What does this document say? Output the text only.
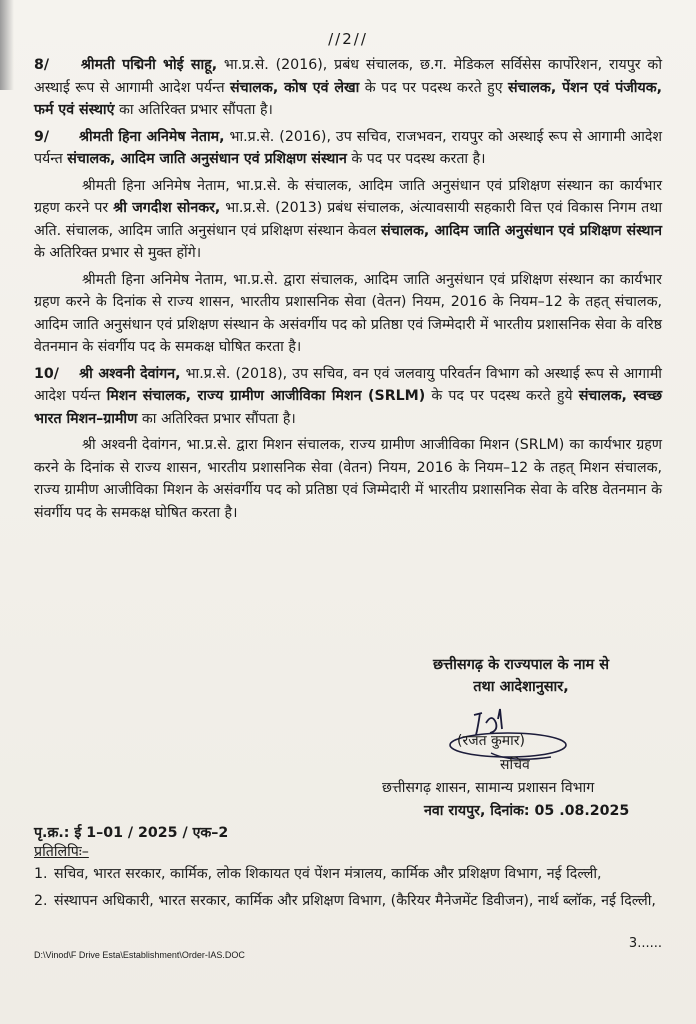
//2//

8/ श्रीमती पद्मिनी भोई साहू, भा.प्र.से. (2016), प्रबंध संचालक, छ.ग. मेडिकल सर्विसेस कार्पोरेशन, रायपुर को अस्थाई रूप से आगामी आदेश पर्यन्त संचालक, कोष एवं लेखा के पद पर पदस्थ करते हुए संचालक, पेंशन एवं पंजीयक, फर्म एवं संस्थाएं का अतिरिक्त प्रभार सौंपता है।

9/ श्रीमती हिना अनिमेष नेताम, भा.प्र.से. (2016), उप सचिव, राजभवन, रायपुर को अस्थाई रूप से आगामी आदेश पर्यन्त संचालक, आदिम जाति अनुसंधान एवं प्रशिक्षण संस्थान के पद पर पदस्थ करता है।

श्रीमती हिना अनिमेष नेताम, भा.प्र.से. के संचालक, आदिम जाति अनुसंधान एवं प्रशिक्षण संस्थान का कार्यभार ग्रहण करने पर श्री जगदीश सोनकर, भा.प्र.से. (2013) प्रबंध संचालक, अंत्यावसायी सहकारी वित्त एवं विकास निगम तथा अति. संचालक, आदिम जाति अनुसंधान एवं प्रशिक्षण संस्थान केवल संचालक, आदिम जाति अनुसंधान एवं प्रशिक्षण संस्थान के अतिरिक्त प्रभार से मुक्त होंगे।

श्रीमती हिना अनिमेष नेताम, भा.प्र.से. द्वारा संचालक, आदिम जाति अनुसंधान एवं प्रशिक्षण संस्थान का कार्यभार ग्रहण करने के दिनांक से राज्य शासन, भारतीय प्रशासनिक सेवा (वेतन) नियम, 2016 के नियम–12 के तहत् संचालक, आदिम जाति अनुसंधान एवं प्रशिक्षण संस्थान के असंवर्गीय पद को प्रतिष्ठा एवं जिम्मेदारी में भारतीय प्रशासनिक सेवा के वरिष्ठ वेतनमान के संवर्गीय पद के समकक्ष घोषित करता है।

10/ श्री अश्वनी देवांगन, भा.प्र.से. (2018), उप सचिव, वन एवं जलवायु परिवर्तन विभाग को अस्थाई रूप से आगामी आदेश पर्यन्त मिशन संचालक, राज्य ग्रामीण आजीविका मिशन (SRLM) के पद पर पदस्थ करते हुये संचालक, स्वच्छ भारत मिशन–ग्रामीण का अतिरिक्त प्रभार सौंपता है।

श्री अश्वनी देवांगन, भा.प्र.से. द्वारा मिशन संचालक, राज्य ग्रामीण आजीविका मिशन (SRLM) का कार्यभार ग्रहण करने के दिनांक से राज्य शासन, भारतीय प्रशासनिक सेवा (वेतन) नियम, 2016 के नियम–12 के तहत् मिशन संचालक, राज्य ग्रामीण आजीविका मिशन के असंवर्गीय पद को प्रतिष्ठा एवं जिम्मेदारी में भारतीय प्रशासनिक सेवा के वरिष्ठ वेतनमान के संवर्गीय पद के समकक्ष घोषित करता है।

छत्तीसगढ़ के राज्यपाल के नाम से
तथा आदेशानुसार,
(रजत कुमार)
सचिव
छत्तीसगढ़ शासन, सामान्य प्रशासन विभाग
नवा रायपुर, दिनांक: 05 .08.2025
पृ.क्र.: ई 1–01 / 2025 / एक–2
प्रतिलिपिः–
1. सचिव, भारत सरकार, कार्मिक, लोक शिकायत एवं पेंशन मंत्रालय, कार्मिक और प्रशिक्षण विभाग, नई दिल्ली,
2. संस्थापन अधिकारी, भारत सरकार, कार्मिक और प्रशिक्षण विभाग, (कैरियर मैनेजमेंट डिवीजन), नार्थ ब्लॉक, नई दिल्ली,
3......
D:\Vinod\F Drive Esta\Establishment\Order-IAS.DOC
